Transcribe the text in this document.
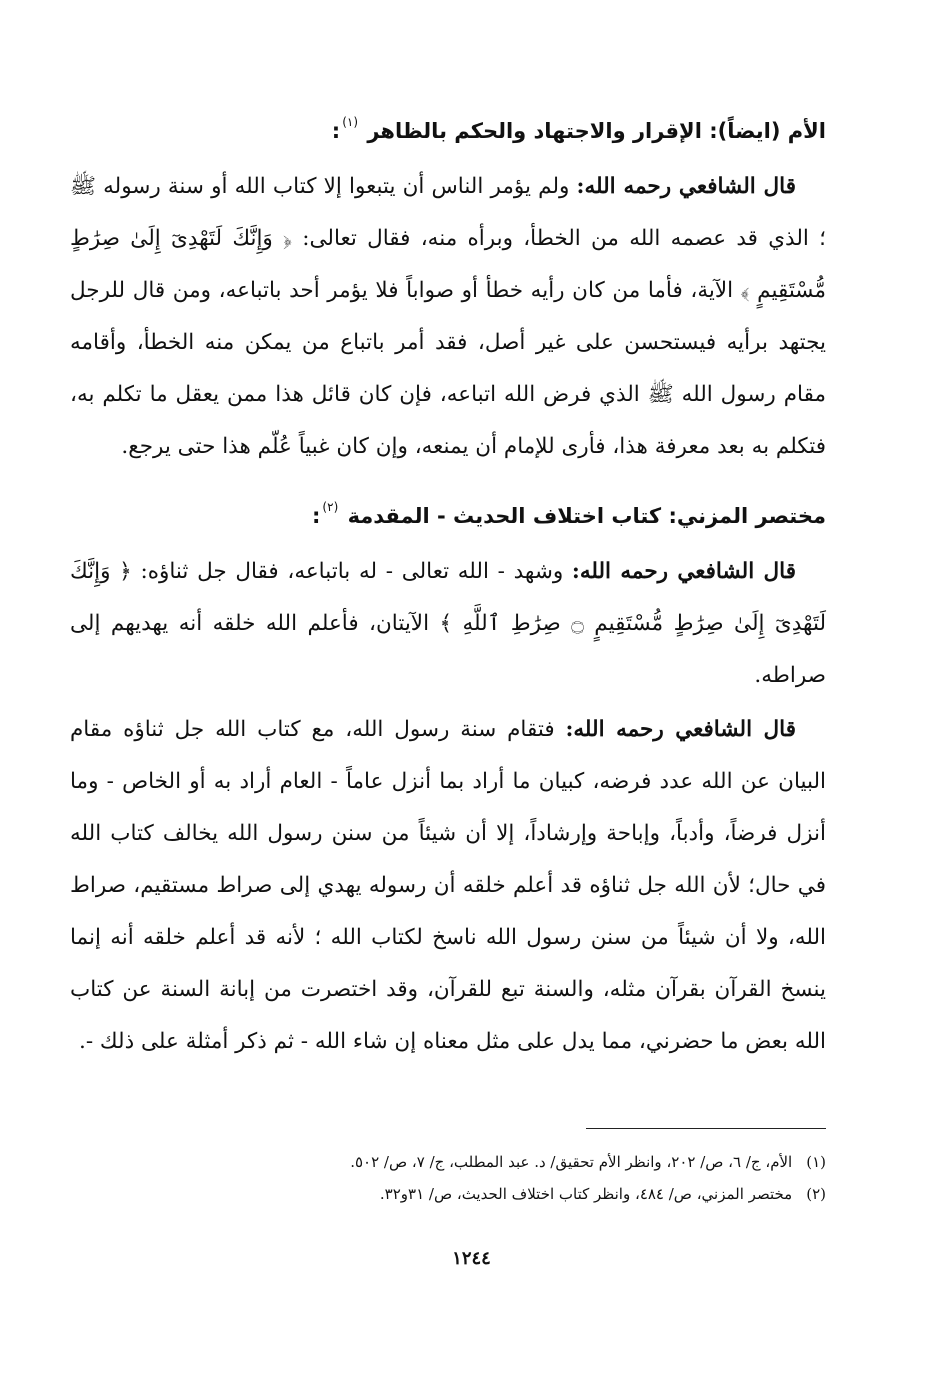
الأم (ايضاً): الإقرار والاجتهاد والحكم بالظاهر $^{(١)}$:

قال الشافعي رحمه الله: ولم يؤمر الناس أن يتبعوا إلا كتاب الله أو سنة رسوله ﷺ ؛ الذي قد عصمه الله من الخطأ، وبرأه منه، فقال تعالى: ﴿ وَإِنَّكَ لَتَهْدِىٓ إِلَىٰ صِرَٰطٍ مُّسْتَقِيمٍ ﴾ الآية، فأما من كان رأيه خطأ أو صواباً فلا يؤمر أحد باتباعه، ومن قال للرجل يجتهد برأيه فيستحسن على غير أصل، فقد أمر باتباع من يمكن منه الخطأ، وأقامه مقام رسول الله ﷺ الذي فرض الله اتباعه، فإن كان قائل هذا ممن يعقل ما تكلم به، فتكلم به بعد معرفة هذا، فأرى للإمام أن يمنعه، وإن كان غبياً عُلّم هذا حتى يرجع.

مختصر المزني: كتاب اختلاف الحديث - المقدمة $^{(٢)}$:

قال الشافعي رحمه الله: وشهد - الله تعالى - له باتباعه، فقال جل ثناؤه: ﴿ وَإِنَّكَ لَتَهْدِىٓ إِلَىٰ صِرَٰطٍ مُّسْتَقِيمٍ ۝ صِرَٰطِ ٱللَّهِ ﴾ الآيتان، فأعلم الله خلقه أنه يهديهم إلى صراطه.

قال الشافعي رحمه الله: فتقام سنة رسول الله، مع كتاب الله جل ثناؤه مقام البيان عن الله عدد فرضه، كبيان ما أراد بما أنزل عاماً - العام أراد به أو الخاص - وما أنزل فرضاً، وأدباً، وإباحة وإرشاداً، إلا أن شيئاً من سنن رسول الله يخالف كتاب الله في حال؛ لأن الله جل ثناؤه قد أعلم خلقه أن رسوله يهدي إلى صراط مستقيم، صراط الله، ولا أن شيئاً من سنن رسول الله ناسخ لكتاب الله ؛ لأنه قد أعلم خلقه أنه إنما ينسخ القرآن بقرآن مثله، والسنة تبع للقرآن، وقد اختصرت من إبانة السنة عن كتاب الله بعض ما حضرني، مما يدل على مثل معناه إن شاء الله - ثم ذكر أمثلة على ذلك -.

(١)الأم، ج/ ٦، ص/ ٢٠٢، وانظر الأم تحقيق/ د. عبد المطلب، ج/ ٧، ص/ ٥٠٢.

(٢)مختصر المزني، ص/ ٤٨٤، وانظر كتاب اختلاف الحديث، ص/ ٣١و٣٢.

١٢٤٤
